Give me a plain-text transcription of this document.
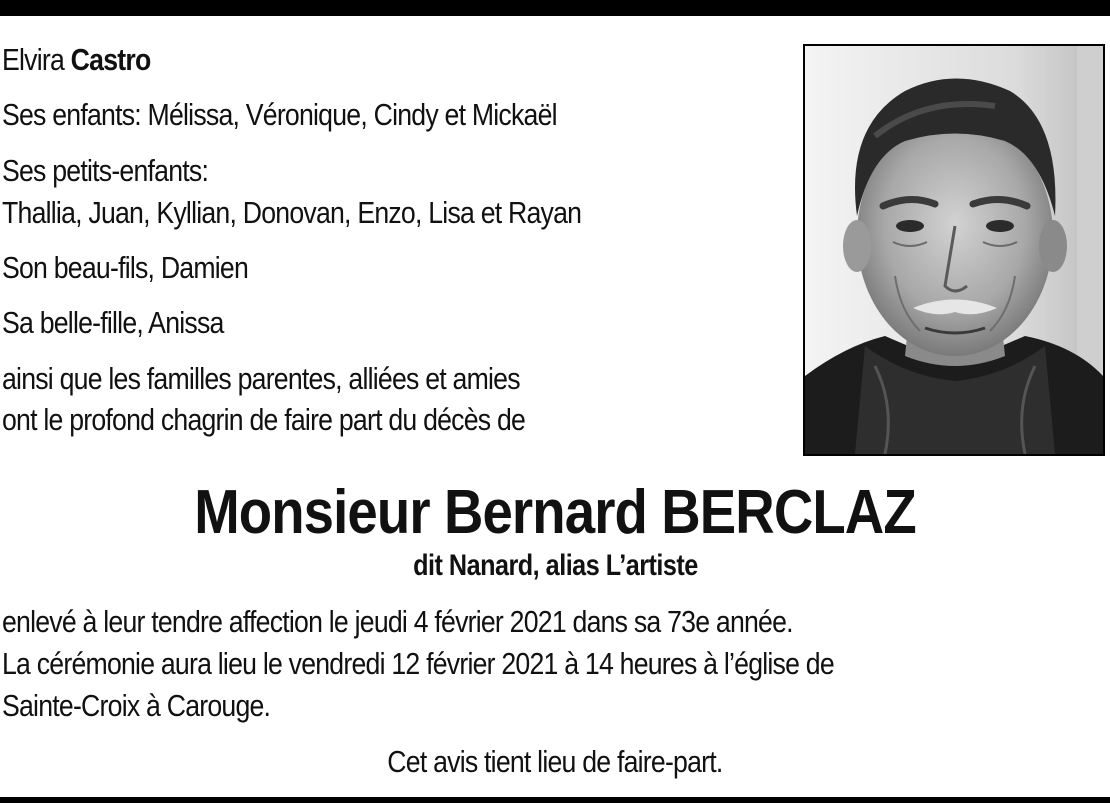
Elvira Castro
Ses enfants: Mélissa, Véronique, Cindy et Mickaël
Ses petits-enfants:
Thallia, Juan, Kyllian, Donovan, Enzo, Lisa et Rayan
Son beau-fils, Damien
Sa belle-fille, Anissa
ainsi que les familles parentes, alliées et amies
ont le profond chagrin de faire part du décès de
Monsieur Bernard BERCLAZ
dit Nanard, alias L’artiste
enlevé à leur tendre affection le jeudi 4 février 2021 dans sa 73e année.
La cérémonie aura lieu le vendredi 12 février 2021 à 14 heures à l’église de
Sainte-Croix à Carouge.
Cet avis tient lieu de faire-part.
